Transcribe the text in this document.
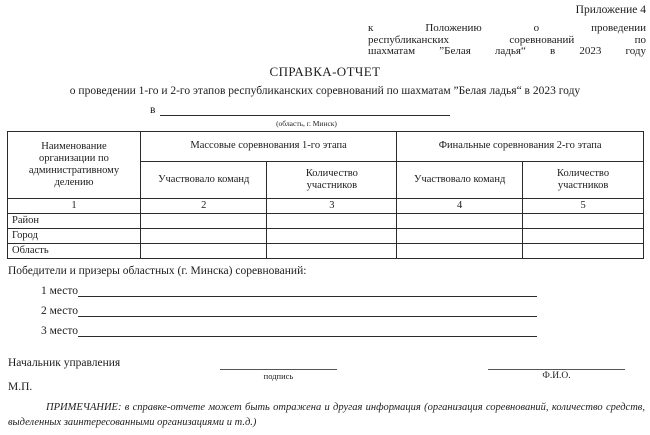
Приложение 4
к Положению о проведении
республиканских соревнований по
шахматам ”Белая ладья“ в 2023 году
СПРАВКА-ОТЧЕТ
о проведении 1-го и 2-го этапов республиканских соревнований по шахматам ”Белая ладья“ в 2023 году
в
(область, г. Минск)
Наименование организации по административному делению	Массовые соревнования 1-го этапа		Финальные соревнования 2-го этапа	
	Участвовало команд	Количество участников	Участвовало команд	Количество участников

1	2	3	4	5
Район				
Город				
Область				
Победители и призеры областных (г. Минска) соревнований:
1 место
2 место
3 место
Начальник управления
подпись	Ф.И.О.
М.П.
ПРИМЕЧАНИЕ: в справке-отчете может быть отражена и другая информация (организация соревнований, количество средств, выделенных заинтересованными организациями и т.д.)
